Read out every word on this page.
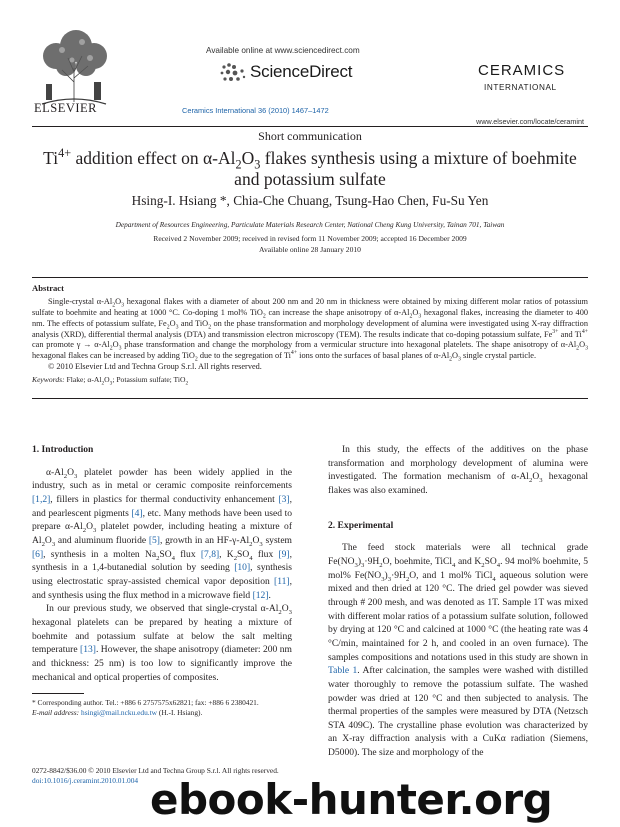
ELSEVIER
Available online at www.sciencedirect.com
ScienceDirect
Ceramics International 36 (2010) 1467–1472
CERAMICS
INTERNATIONAL
www.elsevier.com/locate/ceramint
Short communication
$Ti^{4+}$ addition effect on $\alpha-Al_2O_3$ flakes synthesis using a mixture of boehmite and potassium sulfate
Hsing-I. Hsiang *, Chia-Che Chuang, Tsung-Hao Chen, Fu-Su Yen
Department of Resources Engineering, Particulate Materials Research Center, National Cheng Kung University, Tainan 701, Taiwan
Received 2 November 2009; received in revised form 11 November 2009; accepted 16 December 2009
Available online 28 January 2010
Abstract

Single-crystal $\alpha-Al_2O_3$ hexagonal flakes with a diameter of about 200 nm and 20 nm in thickness were obtained by mixing different molar ratios of potassium sulfate to boehmite and heating at 1000 °C. Co-doping 1 mol% TiO$_2$ can increase the shape anisotropy of $\alpha-Al_2O_3$ hexagonal flakes, increasing the diameter to 400 nm. The effects of potassium sulfate, $Fe_2O_3$ and TiO$_2$ on the phase transformation and morphology development of alumina were investigated using X-ray diffraction analysis (XRD), differential thermal analysis (DTA) and transmission electron microscopy (TEM). The results indicate that co-doping potassium sulfate, $Fe^{3+}$ and $Ti^{4+}$ can promote $\gamma \to \alpha-Al_2O_3$ phase transformation and change the morphology from a vermicular structure into hexagonal platelets. The shape anisotropy of $\alpha-Al_2O_3$ hexagonal flakes can be increased by adding TiO$_2$ due to the segregation of $Ti^{4+}$ ions onto the surfaces of basal planes of $\alpha-Al_2O_3$ single crystal particle.

© 2010 Elsevier Ltd and Techna Group S.r.l. All rights reserved.

Keywords: Flake; $\alpha-Al_2O_3$; Potassium sulfate; TiO$_2$

1. Introduction

$\alpha-Al_2O_3$ platelet powder has been widely applied in the industry, such as in metal or ceramic composite reinforcements [1,2], fillers in plastics for thermal conductivity enhancement [3], and pearlescent pigments [4], etc. Many methods have been used to prepare $\alpha-Al_2O_3$ platelet powder, including heating a mixture of $Al_2O_3$ and aluminum fluoride [5], growth in an $HF-\gamma-Al_2O_3$ system [6], synthesis in a molten $Na_2SO_4$ flux [7,8], $K_2SO_4$ flux [9], synthesis in a 1,4-butanedial solution by seeding [10], synthesis using electrostatic spray-assisted chemical vapor deposition [11], and synthesis using the flux method in a microwave field [12].

In our previous study, we observed that single-crystal $\alpha-Al_2O_3$ hexagonal platelets can be prepared by heating a mixture of boehmite and potassium sulfate at below the salt melting temperature [13]. However, the shape anisotropy (diameter: 200 nm and thickness: 25 nm) is too low to significantly improve the mechanical and optical properties of composites.

In this study, the effects of the additives on the phase transformation and morphology development of alumina were investigated. The formation mechanism of $\alpha-Al_2O_3$ hexagonal flakes was also examined.

2. Experimental

The feed stock materials were all technical grade $Fe(NO_3)_3\cdot 9H_2O$, boehmite, TiCl$_4$ and $K_2SO_4$. 94 mol% boehmite, 5 mol% $Fe(NO_3)_3\cdot 9H_2O$, and 1 mol% TiCl$_4$ aqueous solution were mixed and then dried at 120 °C. The dried gel powder was sieved through # 200 mesh, and was denoted as 1T. Sample 1T was mixed with different molar ratios of a potassium sulfate solution, followed by drying at 120 °C and calcined at 1000 °C (the heating rate was 4 °C/min, maintained for 2 h, and cooled in an oven furnace). The samples compositions and notations used in this study are shown in Table 1. After calcination, the samples were washed with distilled water thoroughly to remove the potassium sulfate. The washed powder was dried at 120 °C and then subjected to analysis. The thermal properties of the samples were measured by DTA (Netzsch STA 409C). The crystalline phase evolution was characterized by an X-ray diffraction analysis with a CuKα radiation (Siemens, D5000). The size and morphology of the

* Corresponding author. Tel.: +886 6 2757575x62821; fax: +886 6 2380421.
E-mail address: hsingi@mail.ncku.edu.tw (H.-I. Hsiang).
0272-8842/$36.00 © 2010 Elsevier Ltd and Techna Group S.r.l. All rights reserved.
doi:10.1016/j.ceramint.2010.01.004 ebook-hunter.org
